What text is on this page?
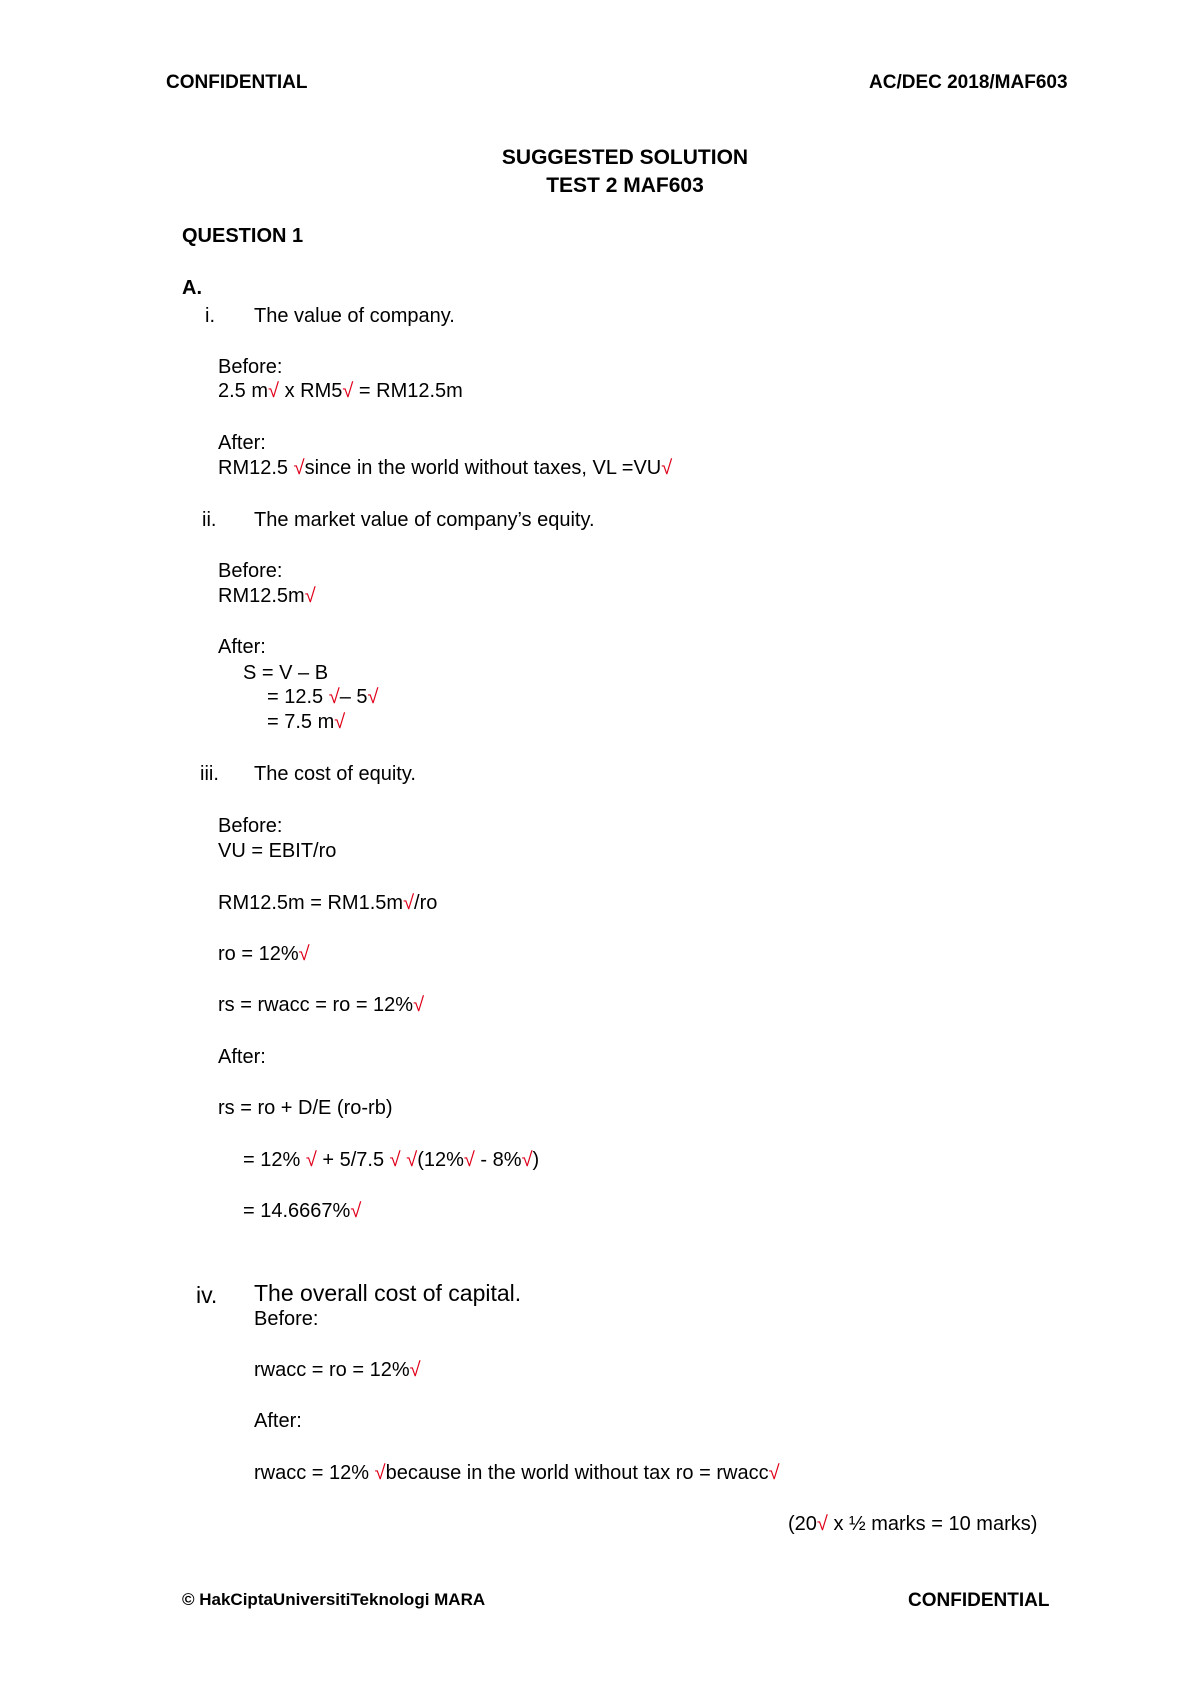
CONFIDENTIAL	AC/DEC 2018/MAF603
SUGGESTED SOLUTION
TEST 2 MAF603
QUESTION 1
A.
i. The value of company.
Before:
2.5 m√ x RM5√ = RM12.5m
After:
RM12.5 √since in the world without taxes, VL =VU√
ii. The market value of company’s equity.
Before:
RM12.5m√
After:
S = V – B
= 12.5 √– 5√
= 7.5 m√
iii. The cost of equity.
Before:
VU = EBIT/ro
RM12.5m = RM1.5m√/ro
ro = 12%√
rs = rwacc = ro = 12%√
After:
rs = ro + D/E (ro-rb)
= 12% √ + 5/7.5 √ √(12%√ - 8%√)
= 14.6667%√
iv. The overall cost of capital.
Before:
rwacc = ro = 12%√
After:
rwacc = 12% √because in the world without tax ro = rwacc√
(20√ x ½ marks = 10 marks)
© HakCiptaUniversitiTeknologi MARA	CONFIDENTIAL
